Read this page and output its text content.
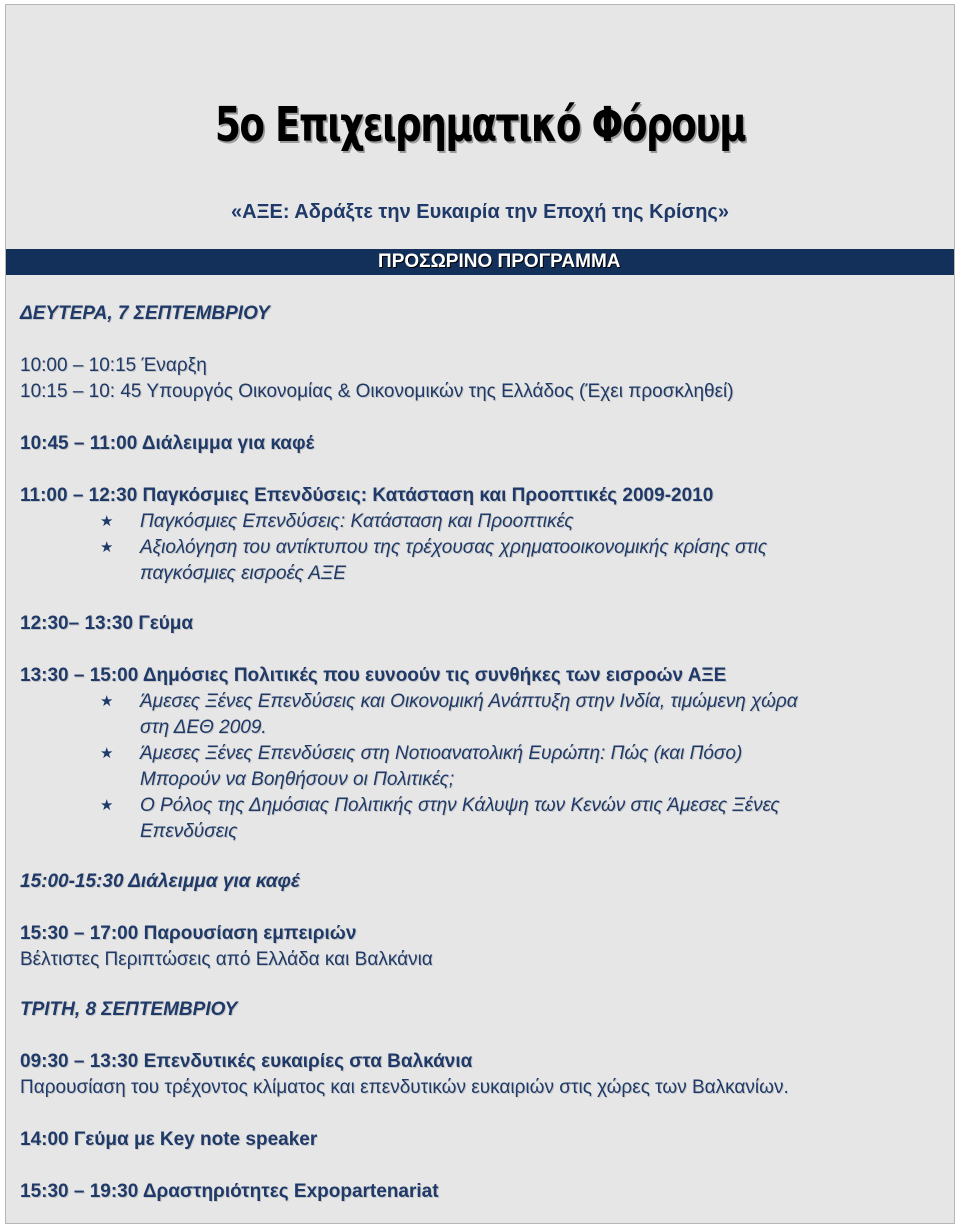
5ο Επιχειρηματικό Φόρουμ
«ΑΞΕ: Αδράξτε την Ευκαιρία την Εποχή της Κρίσης»
ΠΡΟΣΩΡΙΝΟ ΠΡΟΓΡΑΜΜΑ
ΔΕΥΤΕΡΑ, 7 ΣΕΠΤΕΜΒΡΙΟΥ
10:00 – 10:15 Έναρξη
10:15 – 10: 45 Υπουργός Οικονομίας & Οικονομικών της Ελλάδος (Έχει προσκληθεί)
10:45 – 11:00 Διάλειμμα για καφέ
11:00 – 12:30 Παγκόσμιες Επενδύσεις: Κατάσταση και Προοπτικές 2009-2010
★	Παγκόσμιες Επενδύσεις: Κατάσταση και Προοπτικές
★	Αξιολόγηση του αντίκτυπου της τρέχουσας χρηματοοικονομικής κρίσης στις
παγκόσμιες εισροές ΑΞΕ
12:30– 13:30 Γεύμα
13:30 – 15:00 Δημόσιες Πολιτικές που ευνοούν τις συνθήκες των εισροών ΑΞΕ
★	Άμεσες Ξένες Επενδύσεις και Οικονομική Ανάπτυξη στην Ινδία, τιμώμενη χώρα
στη ΔΕΘ 2009.
★	Άμεσες Ξένες Επενδύσεις στη Νοτιοανατολική Ευρώπη: Πώς (και Πόσο)
Μπορούν να Βοηθήσουν οι Πολιτικές;
★	Ο Ρόλος της Δημόσιας Πολιτικής στην Κάλυψη των Κενών στις Άμεσες Ξένες
Επενδύσεις
15:00-15:30 Διάλειμμα για καφέ
15:30 – 17:00 Παρουσίαση εμπειριών
Βέλτιστες Περιπτώσεις από Ελλάδα και Βαλκάνια
ΤΡΙΤΗ, 8 ΣΕΠΤΕΜΒΡΙΟΥ
09:30 – 13:30 Επενδυτικές ευκαιρίες στα Βαλκάνια
Παρουσίαση του τρέχοντος κλίματος και επενδυτικών ευκαιριών στις χώρες των Βαλκανίων.
14:00 Γεύμα με Key note speaker
15:30 – 19:30 Δραστηριότητες Expopartenariat
